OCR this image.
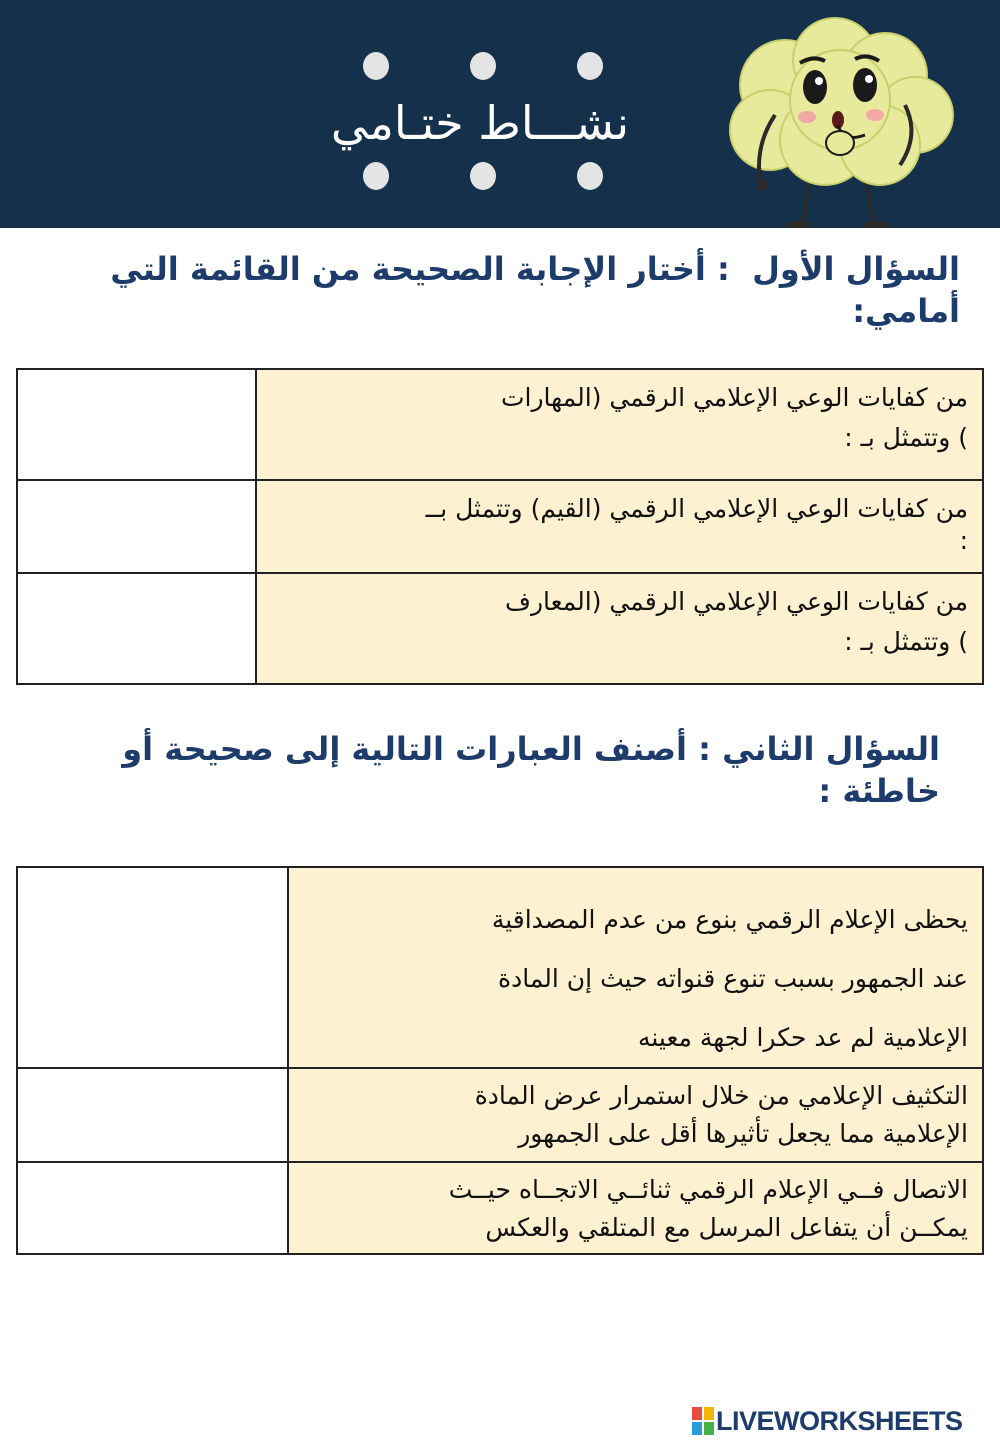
نشـــاط ختـامي
السؤال الأول ‌ : أختار الإجابة الصحيحة من القائمة التي أمامي:

	من كفايات الوعي الإعلامي الرقمي (المهارات
) وتتمثل بـ :

	من كفايات الوعي الإعلامي الرقمي (القيم) وتتمثل بــ
:

	من كفايات الوعي الإعلامي الرقمي (المعارف
) وتتمثل بـ :
السؤال الثاني : أصنف العبارات التالية إلى صحيحة أو خاطئة :

	يحظى الإعلام الرقمي بنوع من عدم المصداقية
عند الجمهور بسبب تنوع قنواته حيث إن المادة
الإعلامية لم عد حكرا لجهة معينه

	التكثيف الإعلامي من خلال استمرار عرض المادة
الإعلامية مما يجعل تأثيرها أقل على الجمهور

	الاتصال فــي الإعلام الرقمي ثنائــي الاتجــاه حيــث
يمكــن أن يتفاعل المرسل مع المتلقي والعكس
LIVEWORKSHEETS
